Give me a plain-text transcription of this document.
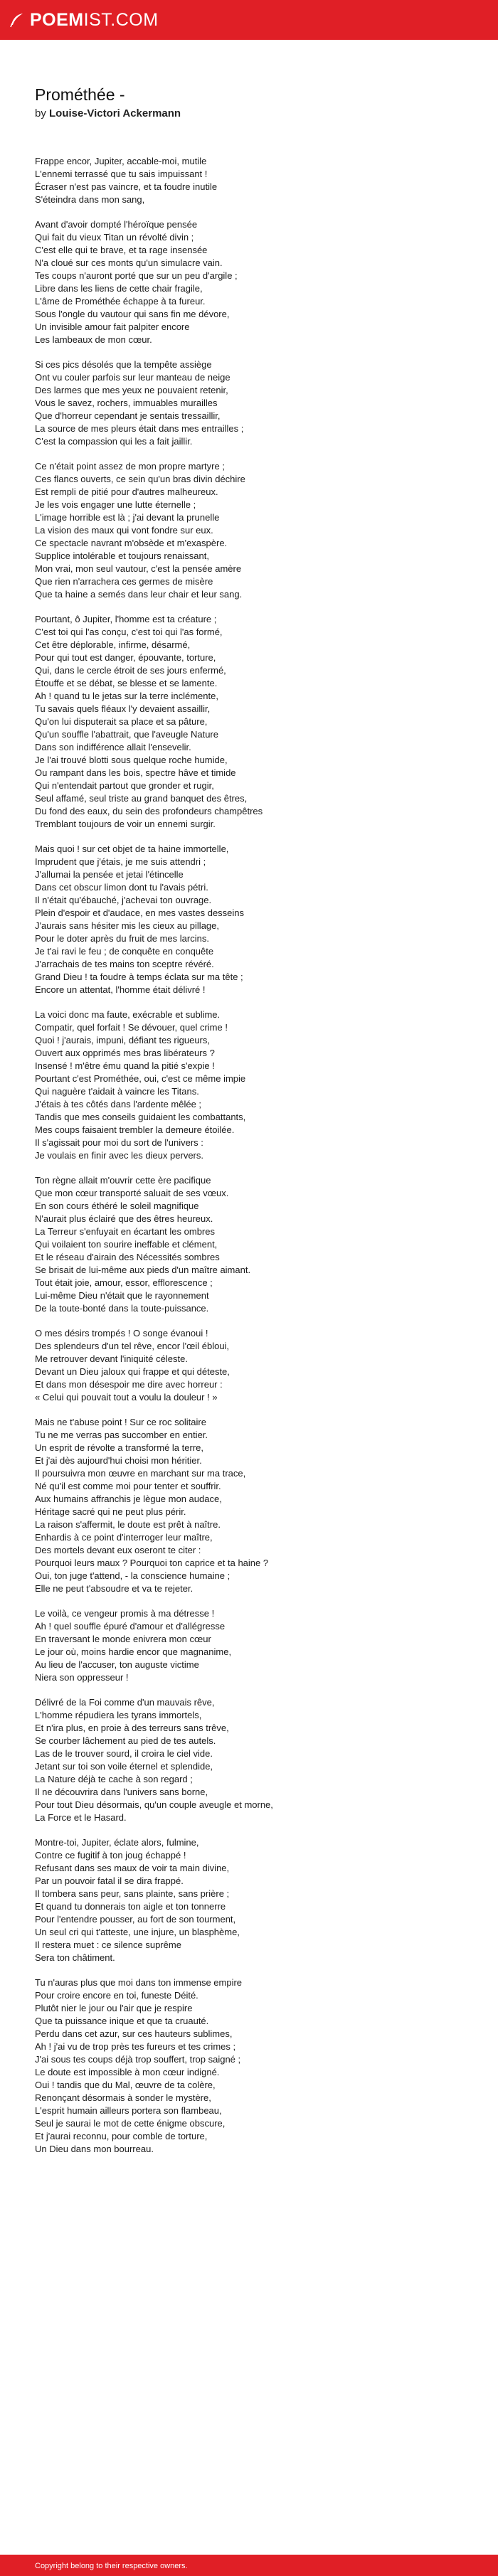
POEMIST.COM
Prométhée -
by Louise-Victori Ackermann
Frappe encor, Jupiter, accable-moi, mutile
L'ennemi terrassé que tu sais impuissant !
Écraser n'est pas vaincre, et ta foudre inutile
S'éteindra dans mon sang,
Avant d'avoir dompté l'héroïque pensée
Qui fait du vieux Titan un révolté divin ;
C'est elle qui te brave, et ta rage insensée
N'a cloué sur ces monts qu'un simulacre vain.
Tes coups n'auront porté que sur un peu d'argile ;
Libre dans les liens de cette chair fragile,
L'âme de Prométhée échappe à ta fureur.
Sous l'ongle du vautour qui sans fin me dévore,
Un invisible amour fait palpiter encore
Les lambeaux de mon cœur.
Si ces pics désolés que la tempête assiège
Ont vu couler parfois sur leur manteau de neige
Des larmes que mes yeux ne pouvaient retenir,
Vous le savez, rochers, immuables murailles
Que d'horreur cependant je sentais tressaillir,
La source de mes pleurs était dans mes entrailles ;
C'est la compassion qui les a fait jaillir.
Ce n'était point assez de mon propre martyre ;
Ces flancs ouverts, ce sein qu'un bras divin déchire
Est rempli de pitié pour d'autres malheureux.
Je les vois engager une lutte éternelle ;
L'image horrible est là ; j'ai devant la prunelle
La vision des maux qui vont fondre sur eux.
Ce spectacle navrant m'obsède et m'exaspère.
Supplice intolérable et toujours renaissant,
Mon vrai, mon seul vautour, c'est la pensée amère
Que rien n'arrachera ces germes de misère
Que ta haine a semés dans leur chair et leur sang.
Pourtant, ô Jupiter, l'homme est ta créature ;
C'est toi qui l'as conçu, c'est toi qui l'as formé,
Cet être déplorable, infirme, désarmé,
Pour qui tout est danger, épouvante, torture,
Qui, dans le cercle étroit de ses jours enfermé,
Étouffe et se débat, se blesse et se lamente.
Ah ! quand tu le jetas sur la terre inclémente,
Tu savais quels fléaux l'y devaient assaillir,
Qu'on lui disputerait sa place et sa pâture,
Qu'un souffle l'abattrait, que l'aveugle Nature
Dans son indifférence allait l'ensevelir.
Je l'ai trouvé blotti sous quelque roche humide,
Ou rampant dans les bois, spectre hâve et timide
Qui n'entendait partout que gronder et rugir,
Seul affamé, seul triste au grand banquet des êtres,
Du fond des eaux, du sein des profondeurs champêtres
Tremblant toujours de voir un ennemi surgir.
Mais quoi ! sur cet objet de ta haine immortelle,
Imprudent que j'étais, je me suis attendri ;
J'allumai la pensée et jetai l'étincelle
Dans cet obscur limon dont tu l'avais pétri.
Il n'était qu'ébauché, j'achevai ton ouvrage.
Plein d'espoir et d'audace, en mes vastes desseins
J'aurais sans hésiter mis les cieux au pillage,
Pour le doter après du fruit de mes larcins.
Je t'ai ravi le feu ; de conquête en conquête
J'arrachais de tes mains ton sceptre révéré.
Grand Dieu ! ta foudre à temps éclata sur ma tête ;
Encore un attentat, l'homme était délivré !
La voici donc ma faute, exécrable et sublime.
Compatir, quel forfait ! Se dévouer, quel crime !
Quoi ! j'aurais, impuni, défiant tes rigueurs,
Ouvert aux opprimés mes bras libérateurs ?
Insensé ! m'être ému quand la pitié s'expie !
Pourtant c'est Prométhée, oui, c'est ce même impie
Qui naguère t'aidait à vaincre les Titans.
J'étais à tes côtés dans l'ardente mêlée ;
Tandis que mes conseils guidaient les combattants,
Mes coups faisaient trembler la demeure étoilée.
Il s'agissait pour moi du sort de l'univers :
Je voulais en finir avec les dieux pervers.
Ton règne allait m'ouvrir cette ère pacifique
Que mon cœur transporté saluait de ses vœux.
En son cours éthéré le soleil magnifique
N'aurait plus éclairé que des êtres heureux.
La Terreur s'enfuyait en écartant les ombres
Qui voilaient ton sourire ineffable et clément,
Et le réseau d'airain des Nécessités sombres
Se brisait de lui-même aux pieds d'un maître aimant.
Tout était joie, amour, essor, efflorescence ;
Lui-même Dieu n'était que le rayonnement
De la toute-bonté dans la toute-puissance.
O mes désirs trompés ! O songe évanoui !
Des splendeurs d'un tel rêve, encor l'œil ébloui,
Me retrouver devant l'iniquité céleste.
Devant un Dieu jaloux qui frappe et qui déteste,
Et dans mon désespoir me dire avec horreur :
« Celui qui pouvait tout a voulu la douleur ! »
Mais ne t'abuse point ! Sur ce roc solitaire
Tu ne me verras pas succomber en entier.
Un esprit de révolte a transformé la terre,
Et j'ai dès aujourd'hui choisi mon héritier.
Il poursuivra mon œuvre en marchant sur ma trace,
Né qu'il est comme moi pour tenter et souffrir.
Aux humains affranchis je lègue mon audace,
Héritage sacré qui ne peut plus périr.
La raison s'affermit, le doute est prêt à naître.
Enhardis à ce point d'interroger leur maître,
Des mortels devant eux oseront te citer :
Pourquoi leurs maux ? Pourquoi ton caprice et ta haine ?
Oui, ton juge t'attend, - la conscience humaine ;
Elle ne peut t'absoudre et va te rejeter.
Le voilà, ce vengeur promis à ma détresse !
Ah ! quel souffle épuré d'amour et d'allégresse
En traversant le monde enivrera mon cœur
Le jour où, moins hardie encor que magnanime,
Au lieu de l'accuser, ton auguste victime
Niera son oppresseur !
Délivré de la Foi comme d'un mauvais rêve,
L'homme répudiera les tyrans immortels,
Et n'ira plus, en proie à des terreurs sans trêve,
Se courber lâchement au pied de tes autels.
Las de le trouver sourd, il croira le ciel vide.
Jetant sur toi son voile éternel et splendide,
La Nature déjà te cache à son regard ;
Il ne découvrira dans l'univers sans borne,
Pour tout Dieu désormais, qu'un couple aveugle et morne,
La Force et le Hasard.
Montre-toi, Jupiter, éclate alors, fulmine,
Contre ce fugitif à ton joug échappé !
Refusant dans ses maux de voir ta main divine,
Par un pouvoir fatal il se dira frappé.
Il tombera sans peur, sans plainte, sans prière ;
Et quand tu donnerais ton aigle et ton tonnerre
Pour l'entendre pousser, au fort de son tourment,
Un seul cri qui t'atteste, une injure, un blasphème,
Il restera muet : ce silence suprême
Sera ton châtiment.
Tu n'auras plus que moi dans ton immense empire
Pour croire encore en toi, funeste Déité.
Plutôt nier le jour ou l'air que je respire
Que ta puissance inique et que ta cruauté.
Perdu dans cet azur, sur ces hauteurs sublimes,
Ah ! j'ai vu de trop près tes fureurs et tes crimes ;
J'ai sous tes coups déjà trop souffert, trop saigné ;
Le doute est impossible à mon cœur indigné.
Oui ! tandis que du Mal, œuvre de ta colère,
Renonçant désormais à sonder le mystère,
L'esprit humain ailleurs portera son flambeau,
Seul je saurai le mot de cette énigme obscure,
Et j'aurai reconnu, pour comble de torture,
Un Dieu dans mon bourreau.
Copyright belong to their respective owners.
